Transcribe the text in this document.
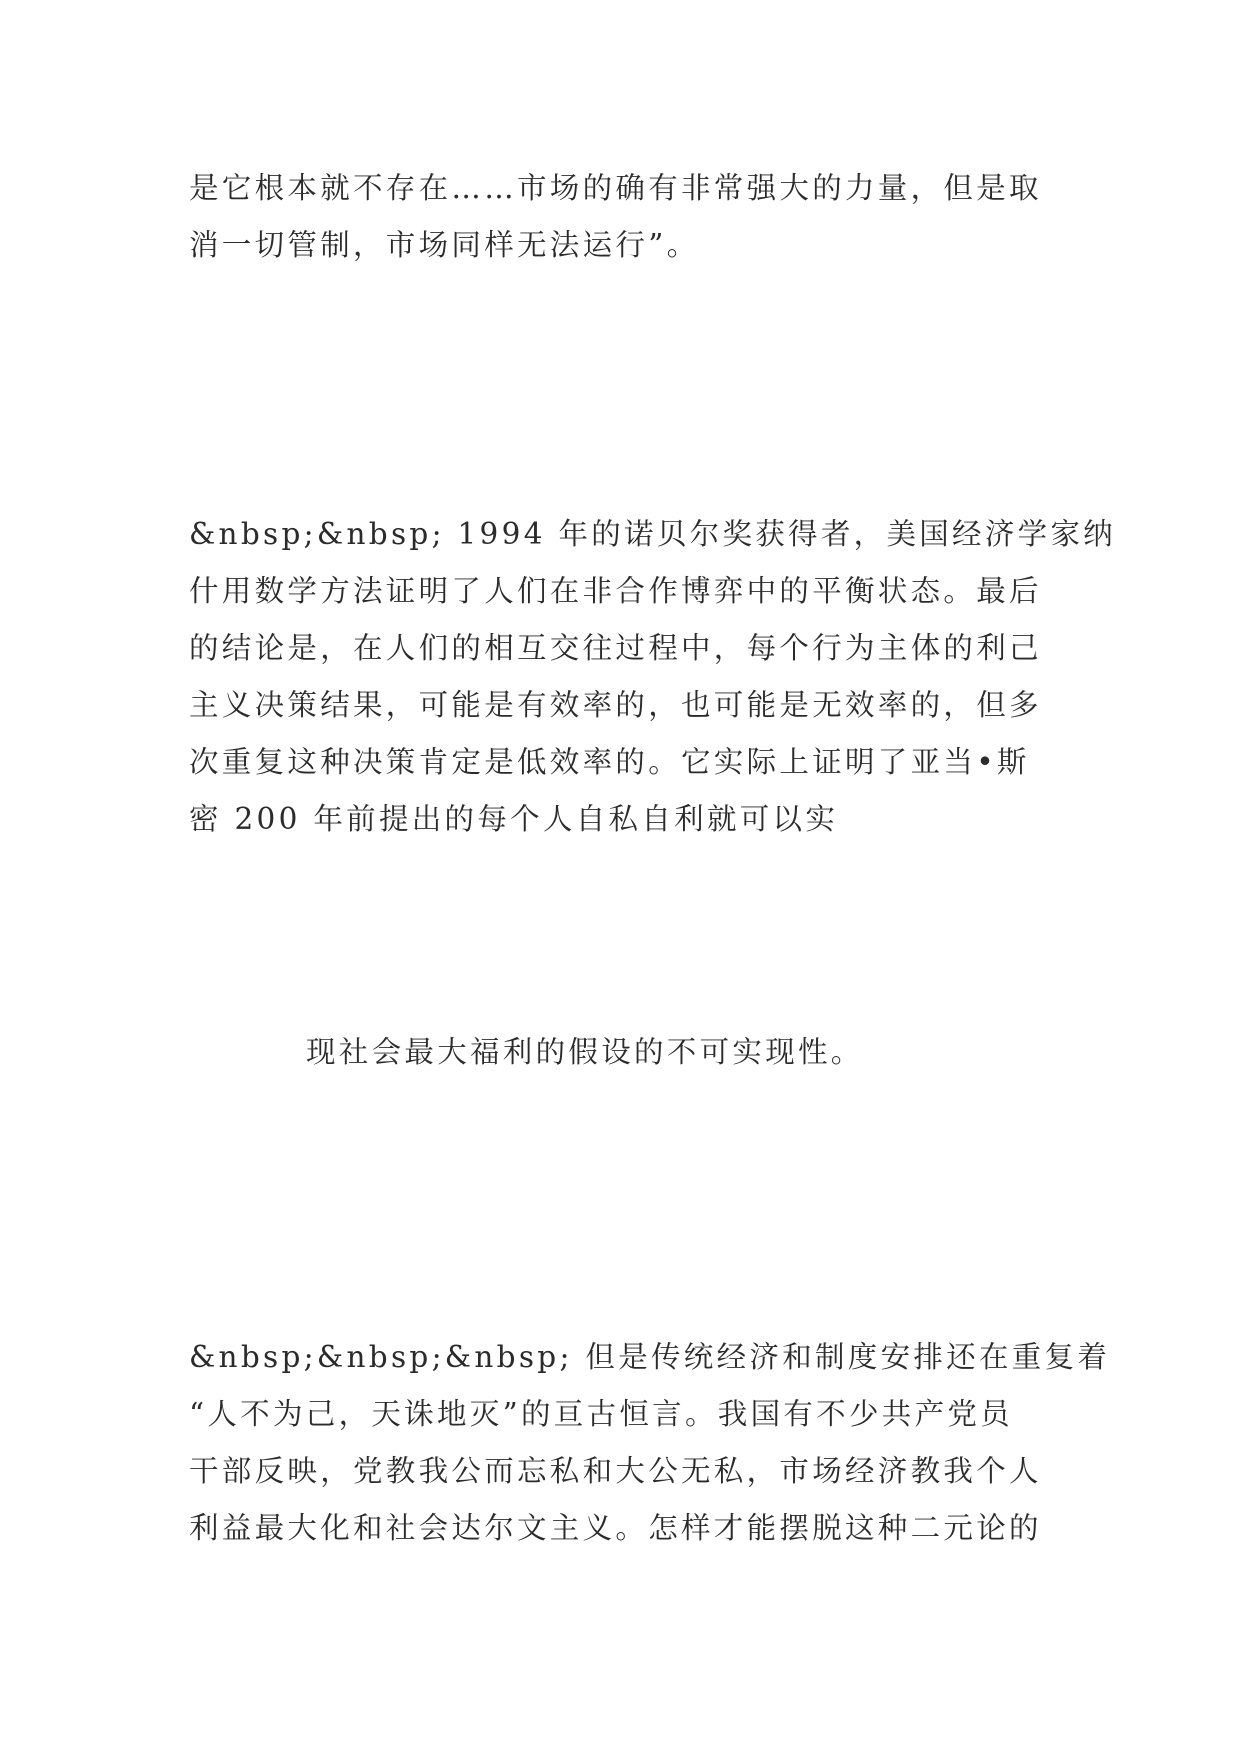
是它根本就不存在……市场的确有非常强大的力量，但是取
消一切管制，市场同样无法运行”。
&nbsp;&nbsp; 1994 年的诺贝尔奖获得者，美国经济学家纳
什用数学方法证明了人们在非合作博弈中的平衡状态。最后
的结论是，在人们的相互交往过程中，每个行为主体的利己
主义决策结果，可能是有效率的，也可能是无效率的，但多
次重复这种决策肯定是低效率的。它实际上证明了亚当•斯
密 200 年前提出的每个人自私自利就可以实
现社会最大福利的假设的不可实现性。
&nbsp;&nbsp;&nbsp; 但是传统经济和制度安排还在重复着
“人不为己，天诛地灭”的亘古恒言。我国有不少共产党员
干部反映，党教我公而忘私和大公无私，市场经济教我个人
利益最大化和社会达尔文主义。怎样才能摆脱这种二元论的
